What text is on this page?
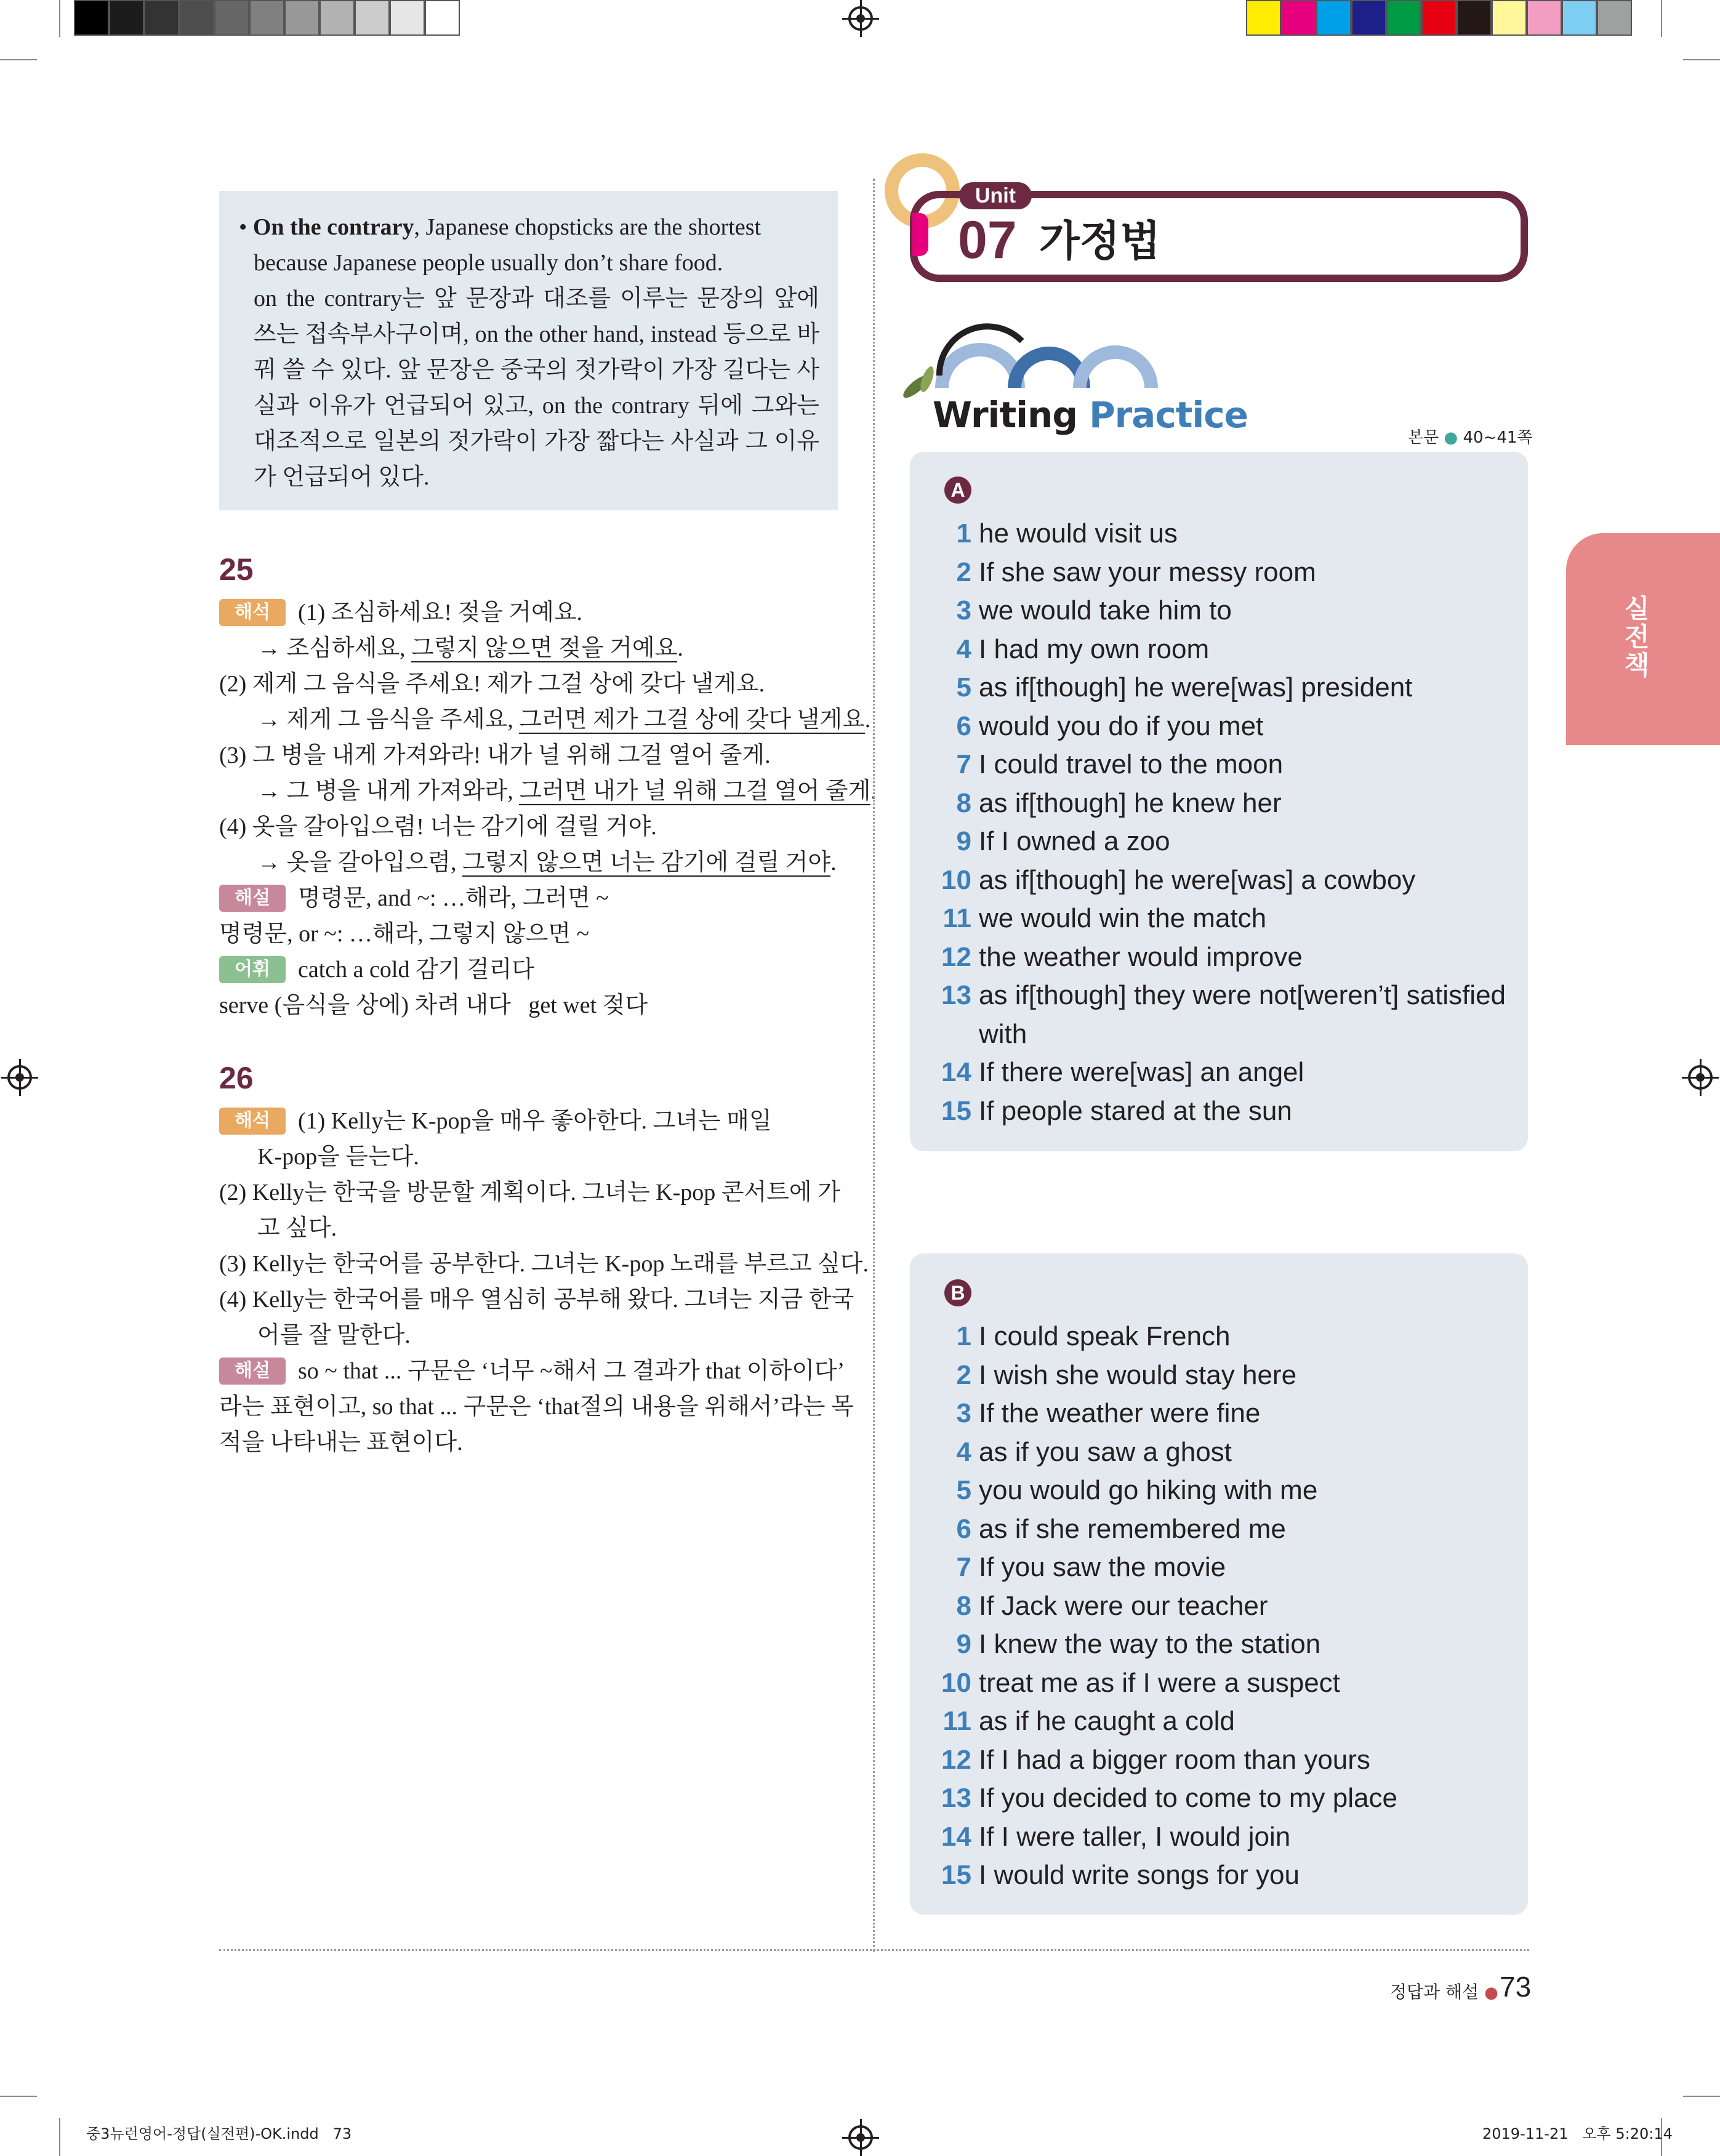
• On the contrary, Japanese chopsticks are the shortest

because Japanese people usually don’t share food.

on the contrary는 앞 문장과 대조를 이루는 문장의 앞에 쓰는 접속부사구이며, on the other hand, instead 등으로 바꿔 쓸 수 있다. 앞 문장은 중국의 젓가락이 가장 길다는 사실과 이유가 언급되어 있고, on the contrary 뒤에 그와는 대조적으로 일본의 젓가락이 가장 짧다는 사실과 그 이유가 언급되어 있다.

25
해석 (1) 조심하세요! 젖을 거예요.
→ 조심하세요, 그렇지 않으면 젖을 거예요.
(2) 제게 그 음식을 주세요! 제가 그걸 상에 갖다 낼게요.
→ 제게 그 음식을 주세요, 그러면 제가 그걸 상에 갖다 낼게요.
(3) 그 병을 내게 가져와라! 내가 널 위해 그걸 열어 줄게.
→ 그 병을 내게 가져와라, 그러면 내가 널 위해 그걸 열어 줄게.
(4) 옷을 갈아입으렴! 너는 감기에 걸릴 거야.
→ 옷을 갈아입으렴, 그렇지 않으면 너는 감기에 걸릴 거야.
해설 명령문, and ~: …해라, 그러면 ~
명령문, or ~: …해라, 그렇지 않으면 ~
어휘 catch a cold 감기 걸리다
serve (음식을 상에) 차려 내다   get wet 젖다
26
해석 (1) Kelly는 K-pop을 매우 좋아한다. 그녀는 매일
K-pop을 듣는다.
(2) Kelly는 한국을 방문할 계획이다. 그녀는 K-pop 콘서트에 가
고 싶다.
(3) Kelly는 한국어를 공부한다. 그녀는 K-pop 노래를 부르고 싶다.
(4) Kelly는 한국어를 매우 열심히 공부해 왔다. 그녀는 지금 한국
어를 잘 말한다.
해설 so ~ that ... 구문은 ‘너무 ~해서 그 결과가 that 이하이다’
라는 표현이고, so that ... 구문은 ‘that절의 내용을 위해서’라는 목
적을 나타내는 표현이다.
Unit
07 가정법
Writing Practice
본문 ● 40~41쪽
A
1 he would visit us
2 If she saw your messy room
3 we would take him to
4 I had my own room
5 as if[though] he were[was] president
6 would you do if you met
7 I could travel to the moon
8 as if[though] he knew her
9 If I owned a zoo
10 as if[though] he were[was] a cowboy
11 we would win the match
12 the weather would improve
13 as if[though] they were not[weren’t] satisfied
with
14 If there were[was] an angel
15 If people stared at the sun
B
1 I could speak French
2 I wish she would stay here
3 If the weather were fine
4 as if you saw a ghost
5 you would go hiking with me
6 as if she remembered me
7 If you saw the movie
8 If Jack were our teacher
9 I knew the way to the station
10 treat me as if I were a suspect
11 as if he caught a cold
12 If I had a bigger room than yours
13 If you decided to come to my place
14 If I were taller, I would join
15 I would write songs for you
실전책
정답과 해설 ● 73
중3뉴런영어-정답(실전편)-OK.indd   73	2019-11-21   오후 5:20:14
